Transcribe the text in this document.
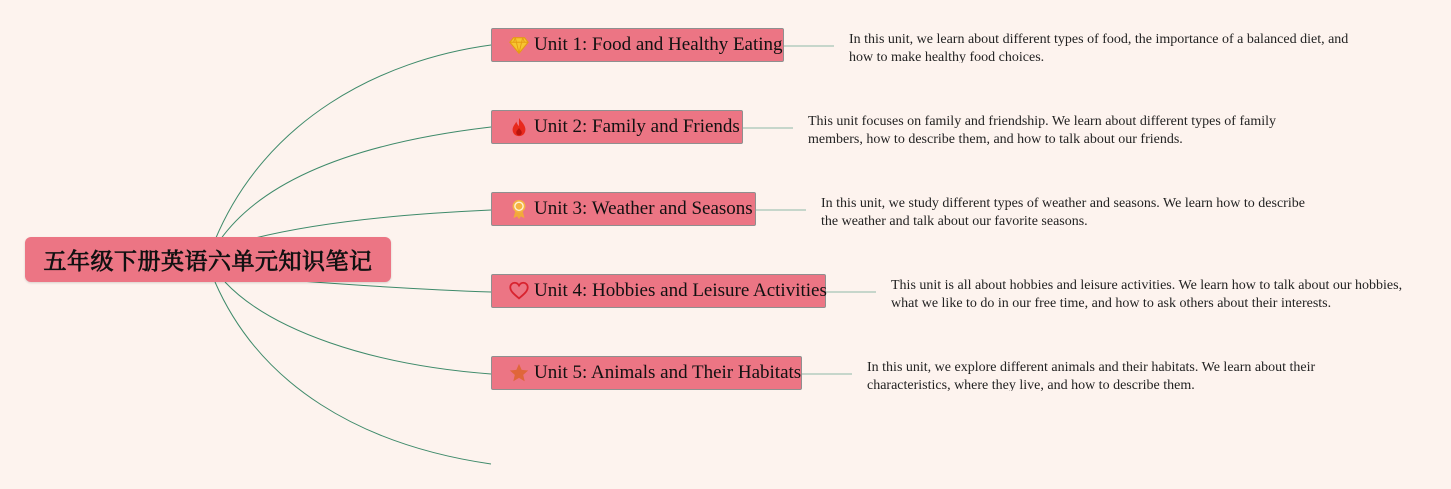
五年级下册英语六单元知识笔记
Unit 1: Food and Healthy Eating	In this unit, we learn about different types of food, the importance of a balanced diet, and how to make healthy food choices.
Unit 2: Family and Friends	This unit focuses on family and friendship. We learn about different types of family members, how to describe them, and how to talk about our friends.
Unit 3: Weather and Seasons	In this unit, we study different types of weather and seasons. We learn how to describe the weather and talk about our favorite seasons.
Unit 4: Hobbies and Leisure Activities	This unit is all about hobbies and leisure activities. We learn how to talk about our hobbies, what we like to do in our free time, and how to ask others about their interests.
Unit 5: Animals and Their Habitats	In this unit, we explore different animals and their habitats. We learn about their characteristics, where they live, and how to describe them.
